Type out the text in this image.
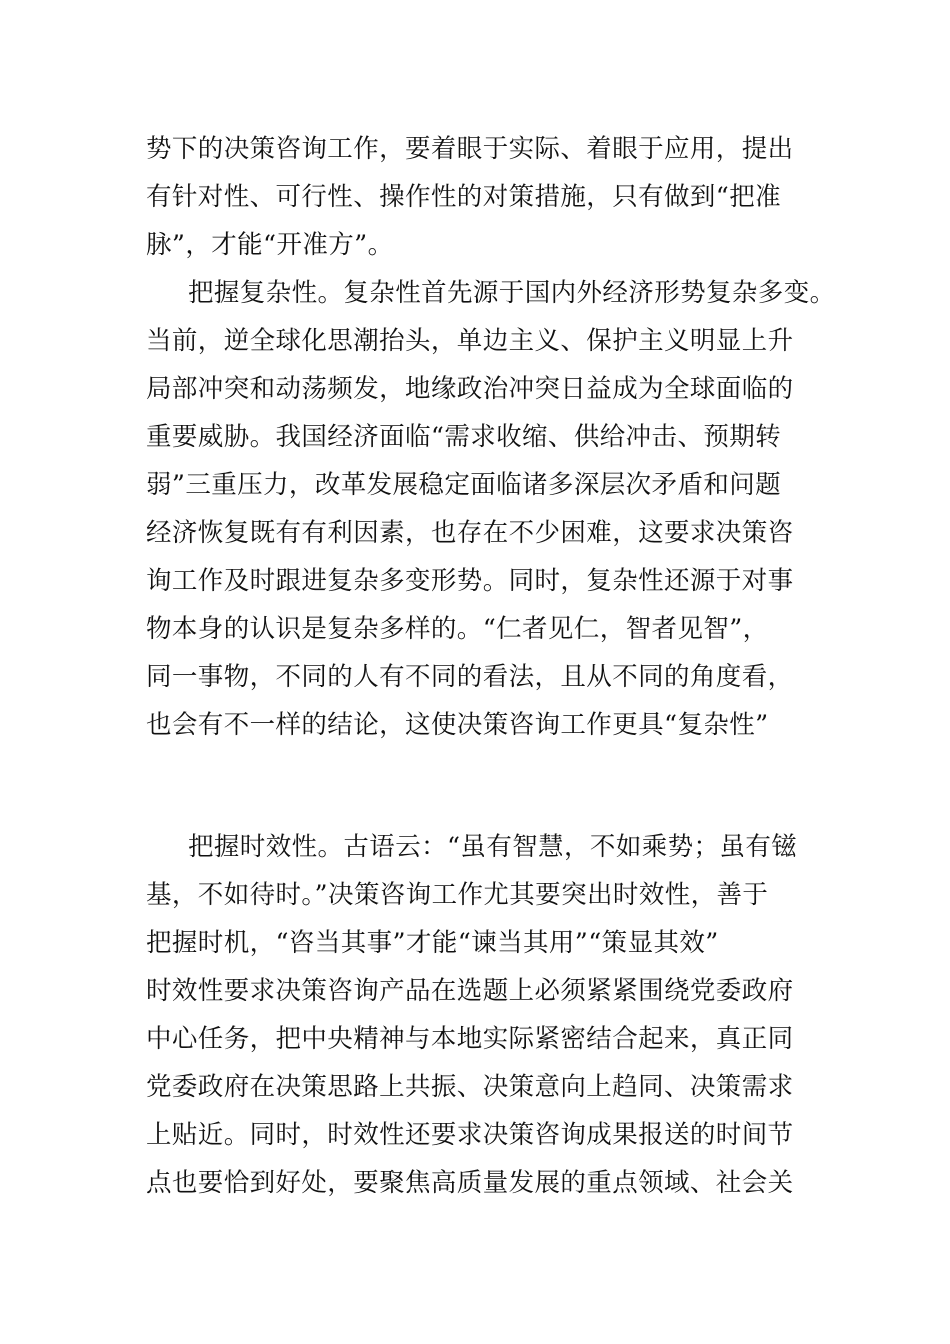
势下的决策咨询工作，要着眼于实际、着眼于应用，提出
有针对性、可行性、操作性的对策措施，只有做到“把准
脉”，才能“开准方”。
把握复杂性。复杂性首先源于国内外经济形势复杂多变。
当前，逆全球化思潮抬头，单边主义、保护主义明显上升
局部冲突和动荡频发，地缘政治冲突日益成为全球面临的
重要威胁。我国经济面临“需求收缩、供给冲击、预期转
弱”三重压力，改革发展稳定面临诸多深层次矛盾和问题
经济恢复既有有利因素，也存在不少困难，这要求决策咨
询工作及时跟进复杂多变形势。同时，复杂性还源于对事
物本身的认识是复杂多样的。“仁者见仁，智者见智”，
同一事物，不同的人有不同的看法，且从不同的角度看，
也会有不一样的结论，这使决策咨询工作更具“复杂性”
把握时效性。古语云：“虽有智慧，不如乘势；虽有镃
基，不如待时。”决策咨询工作尤其要突出时效性，善于
把握时机，“咨当其事”才能“谏当其用”“策显其效”
时效性要求决策咨询产品在选题上必须紧紧围绕党委政府
中心任务，把中央精神与本地实际紧密结合起来，真正同
党委政府在决策思路上共振、决策意向上趋同、决策需求
上贴近。同时，时效性还要求决策咨询成果报送的时间节
点也要恰到好处，要聚焦高质量发展的重点领域、社会关
